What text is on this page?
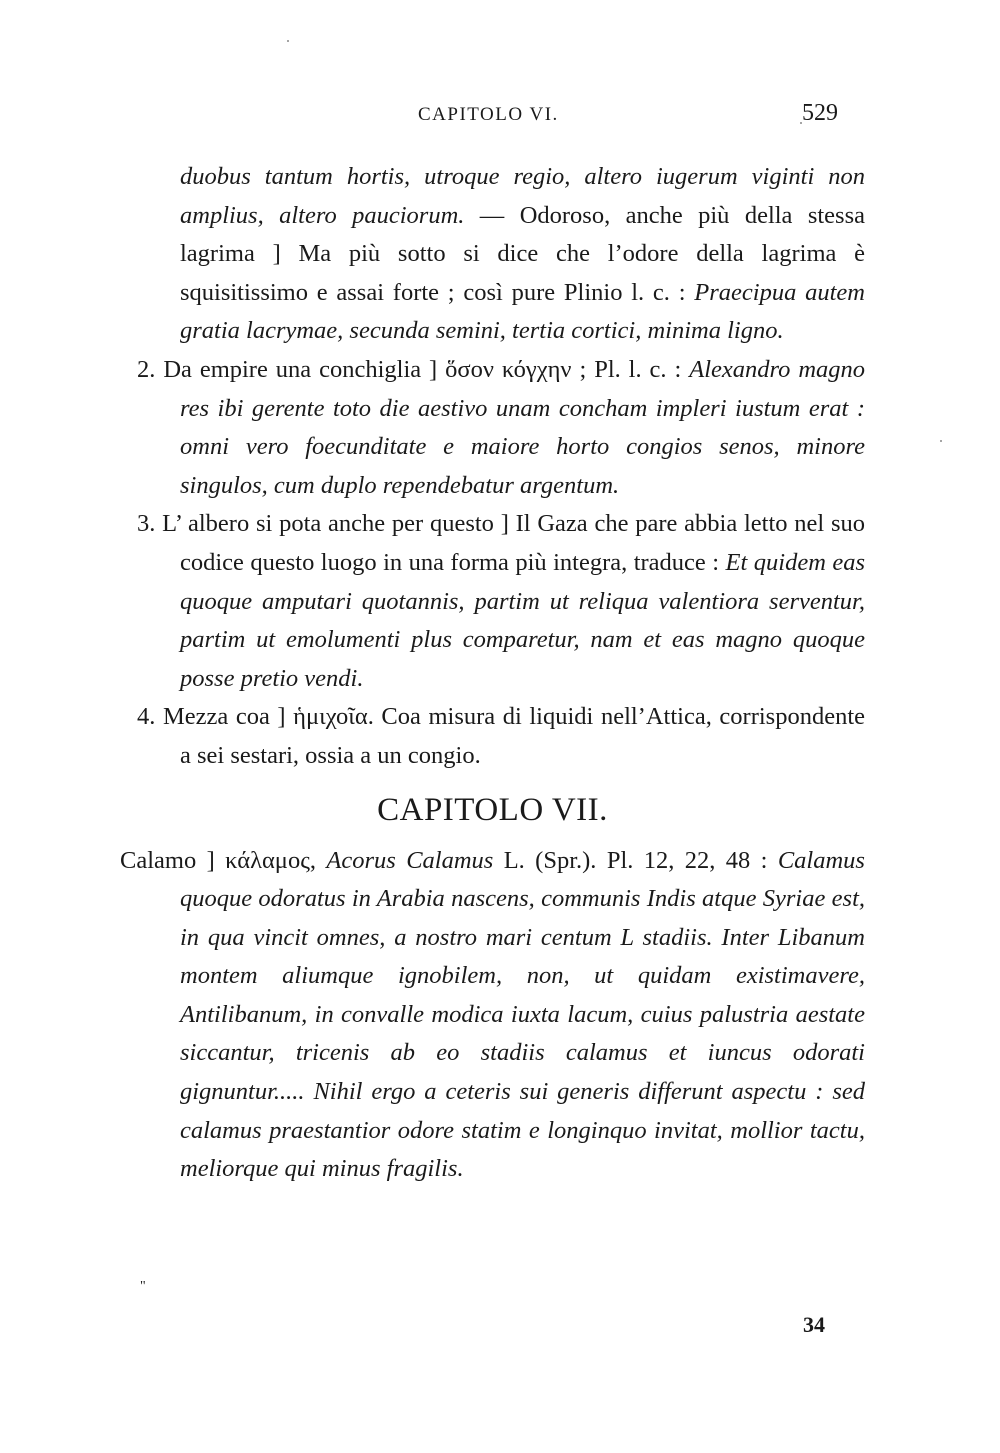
CAPITOLO VI.	529

duobus tantum hortis, utroque regio, altero iugerum viginti non amplius, altero pauciorum. — Odoroso, anche più della stessa lagrima ] Ma più sotto si dice che l’odore della lagrima è squisitissimo e assai forte ; così pure Plinio l. c. : Praecipua autem gratia lacrymae, secunda semini, tertia cortici, minima ligno.

2. Da empire una conchiglia ] ὅσον κόγχην ; Pl. l. c. : Alexandro magno res ibi gerente toto die aestivo unam concham impleri iustum erat : omni vero foecunditate e maiore horto congios senos, minore singulos, cum duplo rependebatur argentum.

3. L’ albero si pota anche per questo ] Il Gaza che pare abbia letto nel suo codice questo luogo in una forma più integra, traduce : Et quidem eas quoque amputari quotannis, partim ut reliqua valentiora serventur, partim ut emolumenti plus comparetur, nam et eas magno quoque posse pretio vendi.

4. Mezza coa ] ἡμιχοῖα. Coa misura di liquidi nell’Attica, corrispondente a sei sestari, ossia a un congio.

CAPITOLO VII.

Calamo ] κάλαμος, Acorus Calamus L. (Spr.). Pl. 12, 22, 48 : Calamus quoque odoratus in Arabia nascens, communis Indis atque Syriae est, in qua vincit omnes, a nostro mari centum L stadiis. Inter Libanum montem aliumque ignobilem, non, ut quidam existimavere, Antilibanum, in convalle modica iuxta lacum, cuius palustria aestate siccantur, tricenis ab eo stadiis calamus et iuncus odorati gignuntur..... Nihil ergo a ceteris sui generis differunt aspectu : sed calamus praestantior odore statim e longinquo invitat, mollior tactu, meliorque qui minus fragilis.

"
34
